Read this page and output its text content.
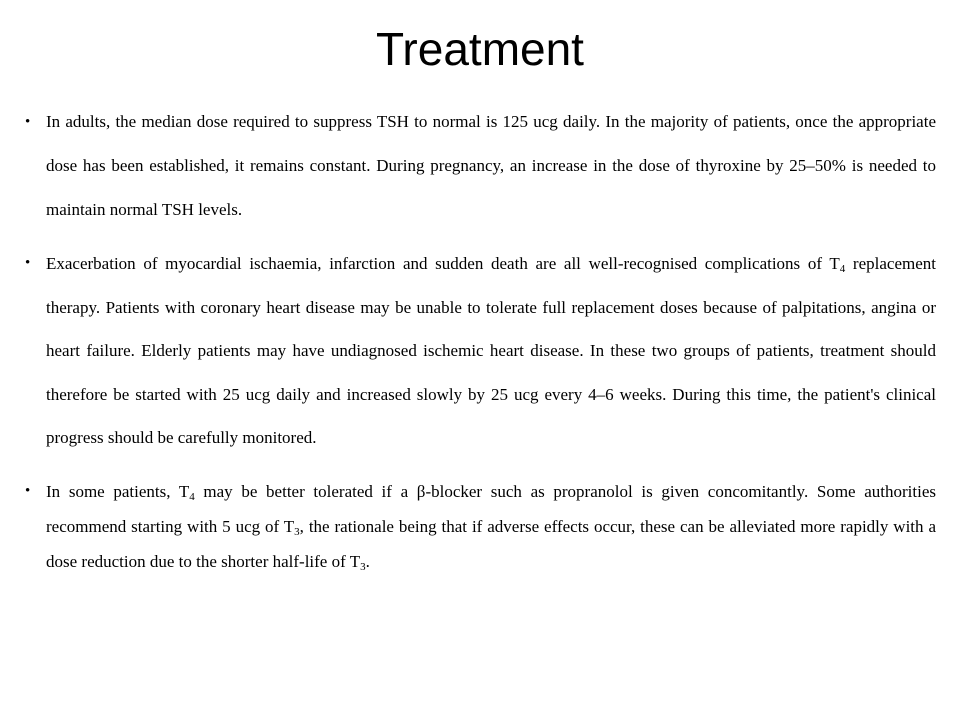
Treatment
• In adults, the median dose required to suppress TSH to normal is 125 ucg daily. In the majority of patients, once the appropriate dose has been established, it remains constant. During pregnancy, an increase in the dose of thyroxine by 25–50% is needed to maintain normal TSH levels.
• Exacerbation of myocardial ischaemia, infarction and sudden death are all well-recognised complications of $T_4$ replacement therapy. Patients with coronary heart disease may be unable to tolerate full replacement doses because of palpitations, angina or heart failure. Elderly patients may have undiagnosed ischemic heart disease. In these two groups of patients, treatment should therefore be started with 25 ucg daily and increased slowly by 25 ucg every 4–6 weeks. During this time, the patient's clinical progress should be carefully monitored.
• In some patients, $T_4$ may be better tolerated if a β-blocker such as propranolol is given concomitantly. Some authorities recommend starting with 5 ucg of $T_3$, the rationale being that if adverse effects occur, these can be alleviated more rapidly with a dose reduction due to the shorter half-life of $T_3$.
